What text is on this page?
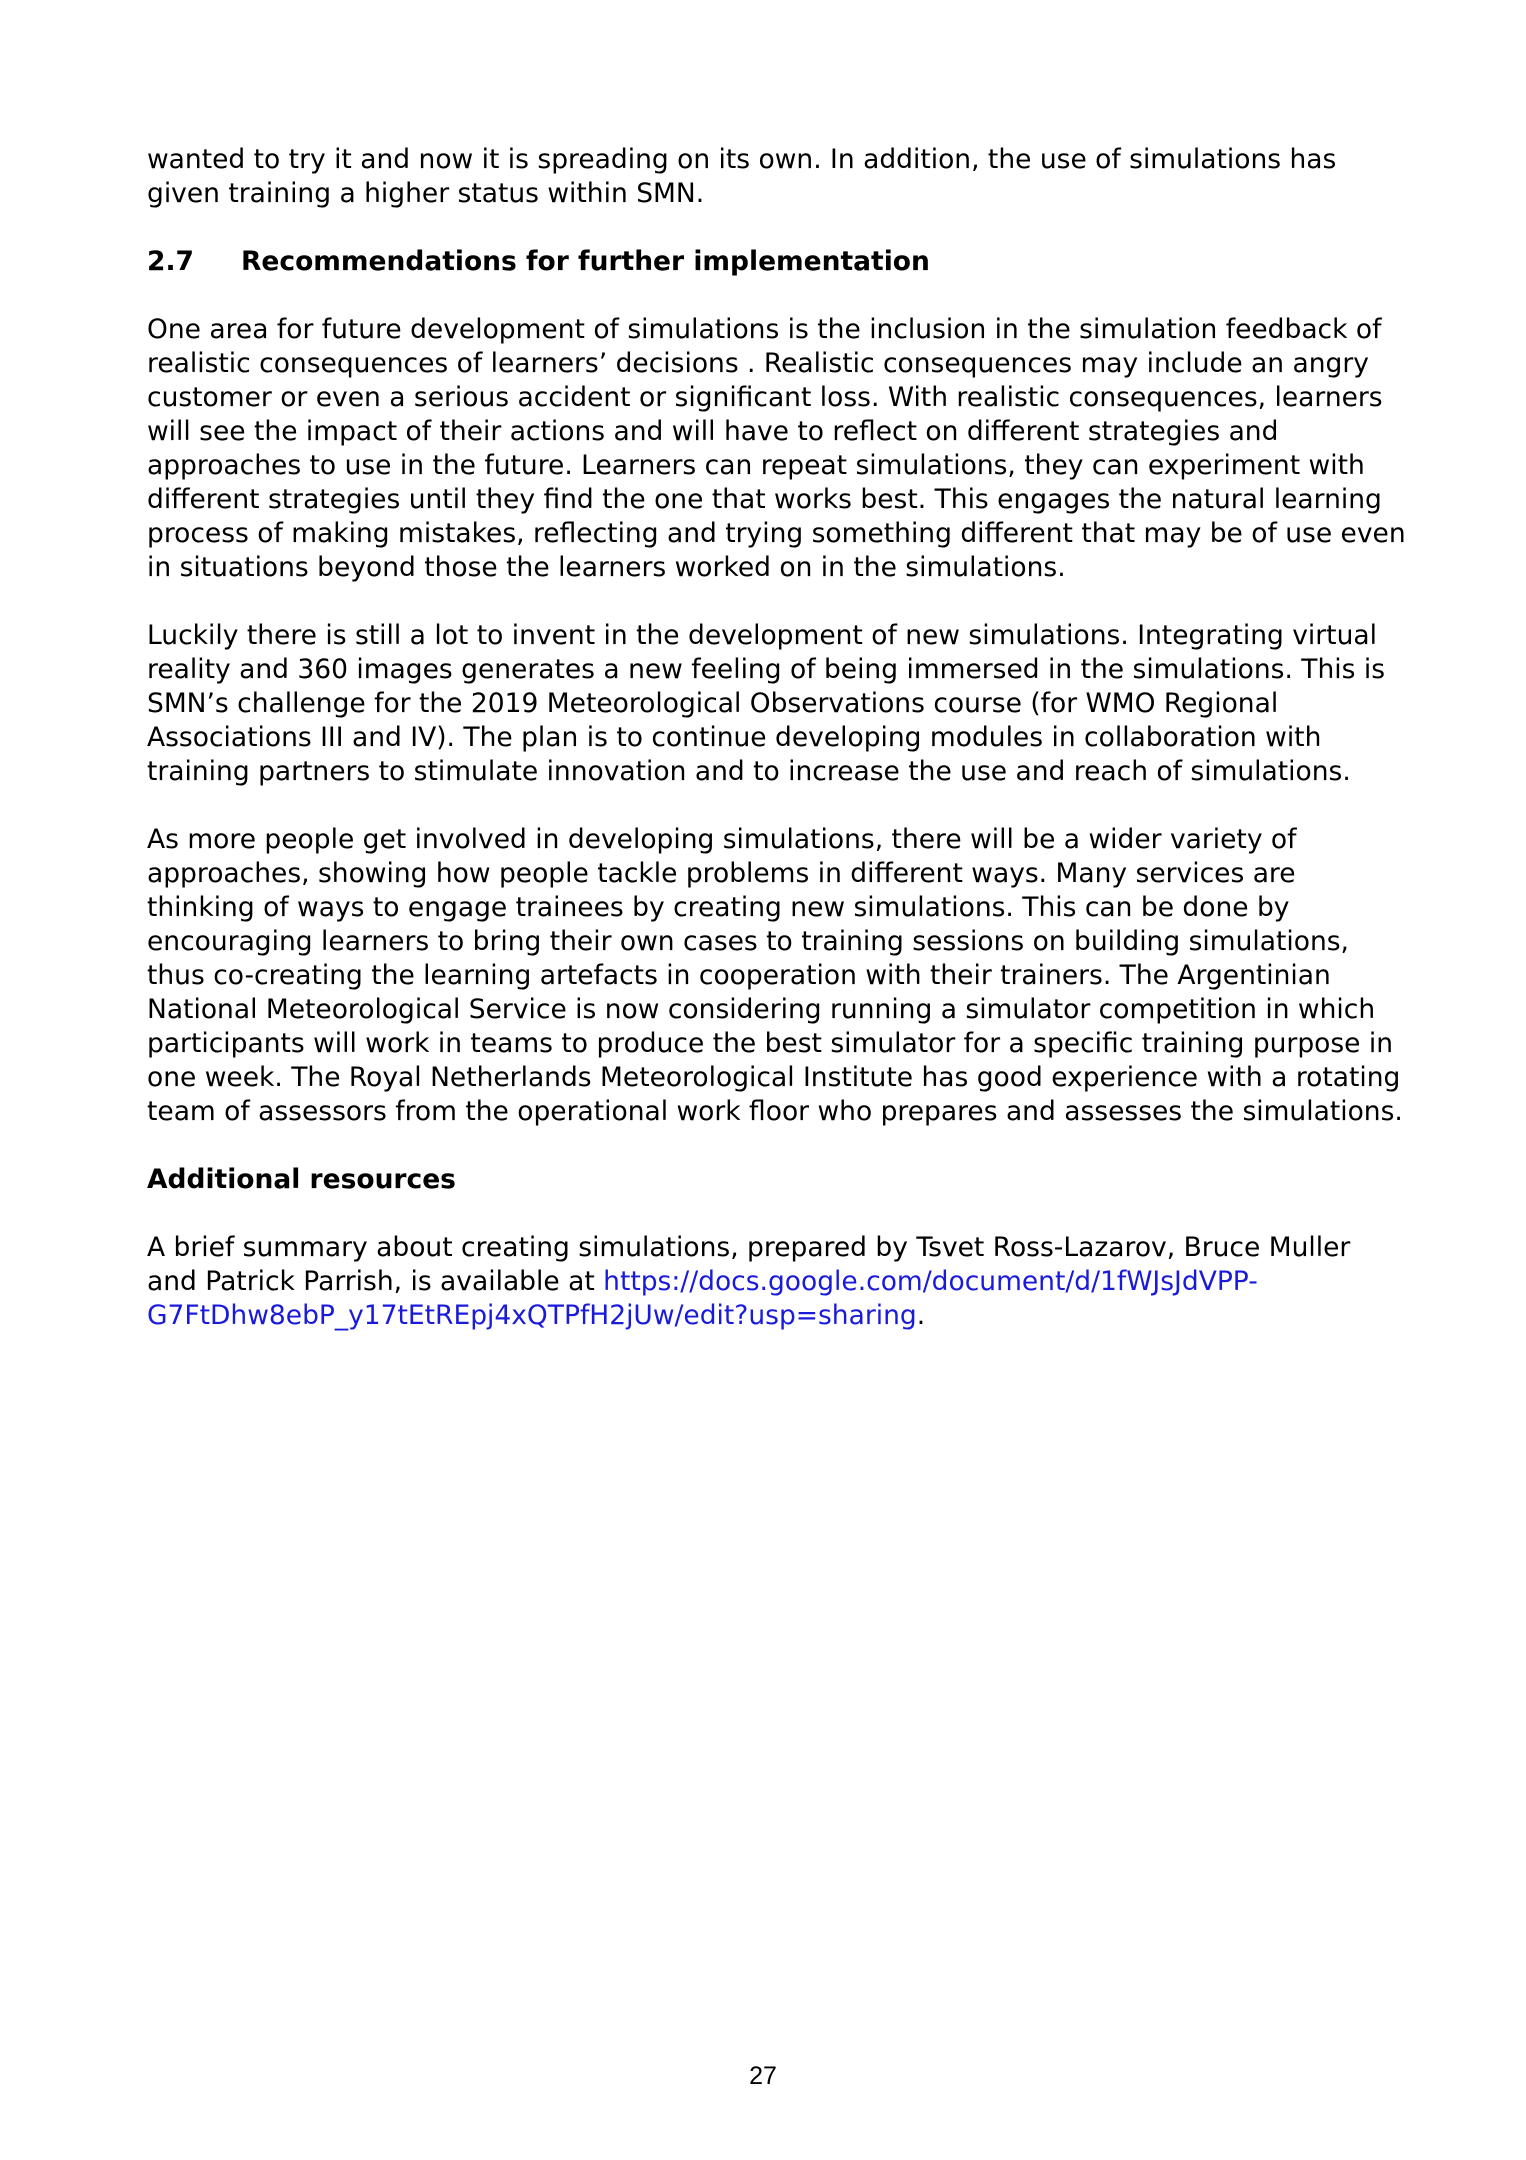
wanted to try it and now it is spreading on its own. In addition, the use of simulations has given training a higher status within SMN.

2.7	Recommendations for further implementation

One area for future development of simulations is the inclusion in the simulation feedback of realistic consequences of learners’ decisions . Realistic consequences may include an angry customer or even a serious accident or significant loss. With realistic consequences, learners will see the impact of their actions and will have to reflect on different strategies and approaches to use in the future. Learners can repeat simulations, they can experiment with different strategies until they find the one that works best. This engages the natural learning process of making mistakes, reflecting and trying something different that may be of use even in situations beyond those the learners worked on in the simulations.

Luckily there is still a lot to invent in the development of new simulations. Integrating virtual reality and 360 images generates a new feeling of being immersed in the simulations. This is SMN’s challenge for the 2019 Meteorological Observations course (for WMO Regional Associations III and IV). The plan is to continue developing modules in collaboration with training partners to stimulate innovation and to increase the use and reach of simulations.

As more people get involved in developing simulations, there will be a wider variety of approaches, showing how people tackle problems in different ways. Many services are thinking of ways to engage trainees by creating new simulations. This can be done by encouraging learners to bring their own cases to training sessions on building simulations, thus co-creating the learning artefacts in cooperation with their trainers. The Argentinian National Meteorological Service is now considering running a simulator competition in which participants will work in teams to produce the best simulator for a specific training purpose in one week. The Royal Netherlands Meteorological Institute has good experience with a rotating team of assessors from the operational work floor who prepares and assesses the simulations.

Additional resources

A brief summary about creating simulations, prepared by Tsvet Ross-Lazarov, Bruce Muller and Patrick Parrish, is available at https://docs.google.com/document/d/1fWJsJdVPP-
G7FtDhw8ebP_y17tEtREpj4xQTPfH2jUw/edit?usp=sharing.

27
